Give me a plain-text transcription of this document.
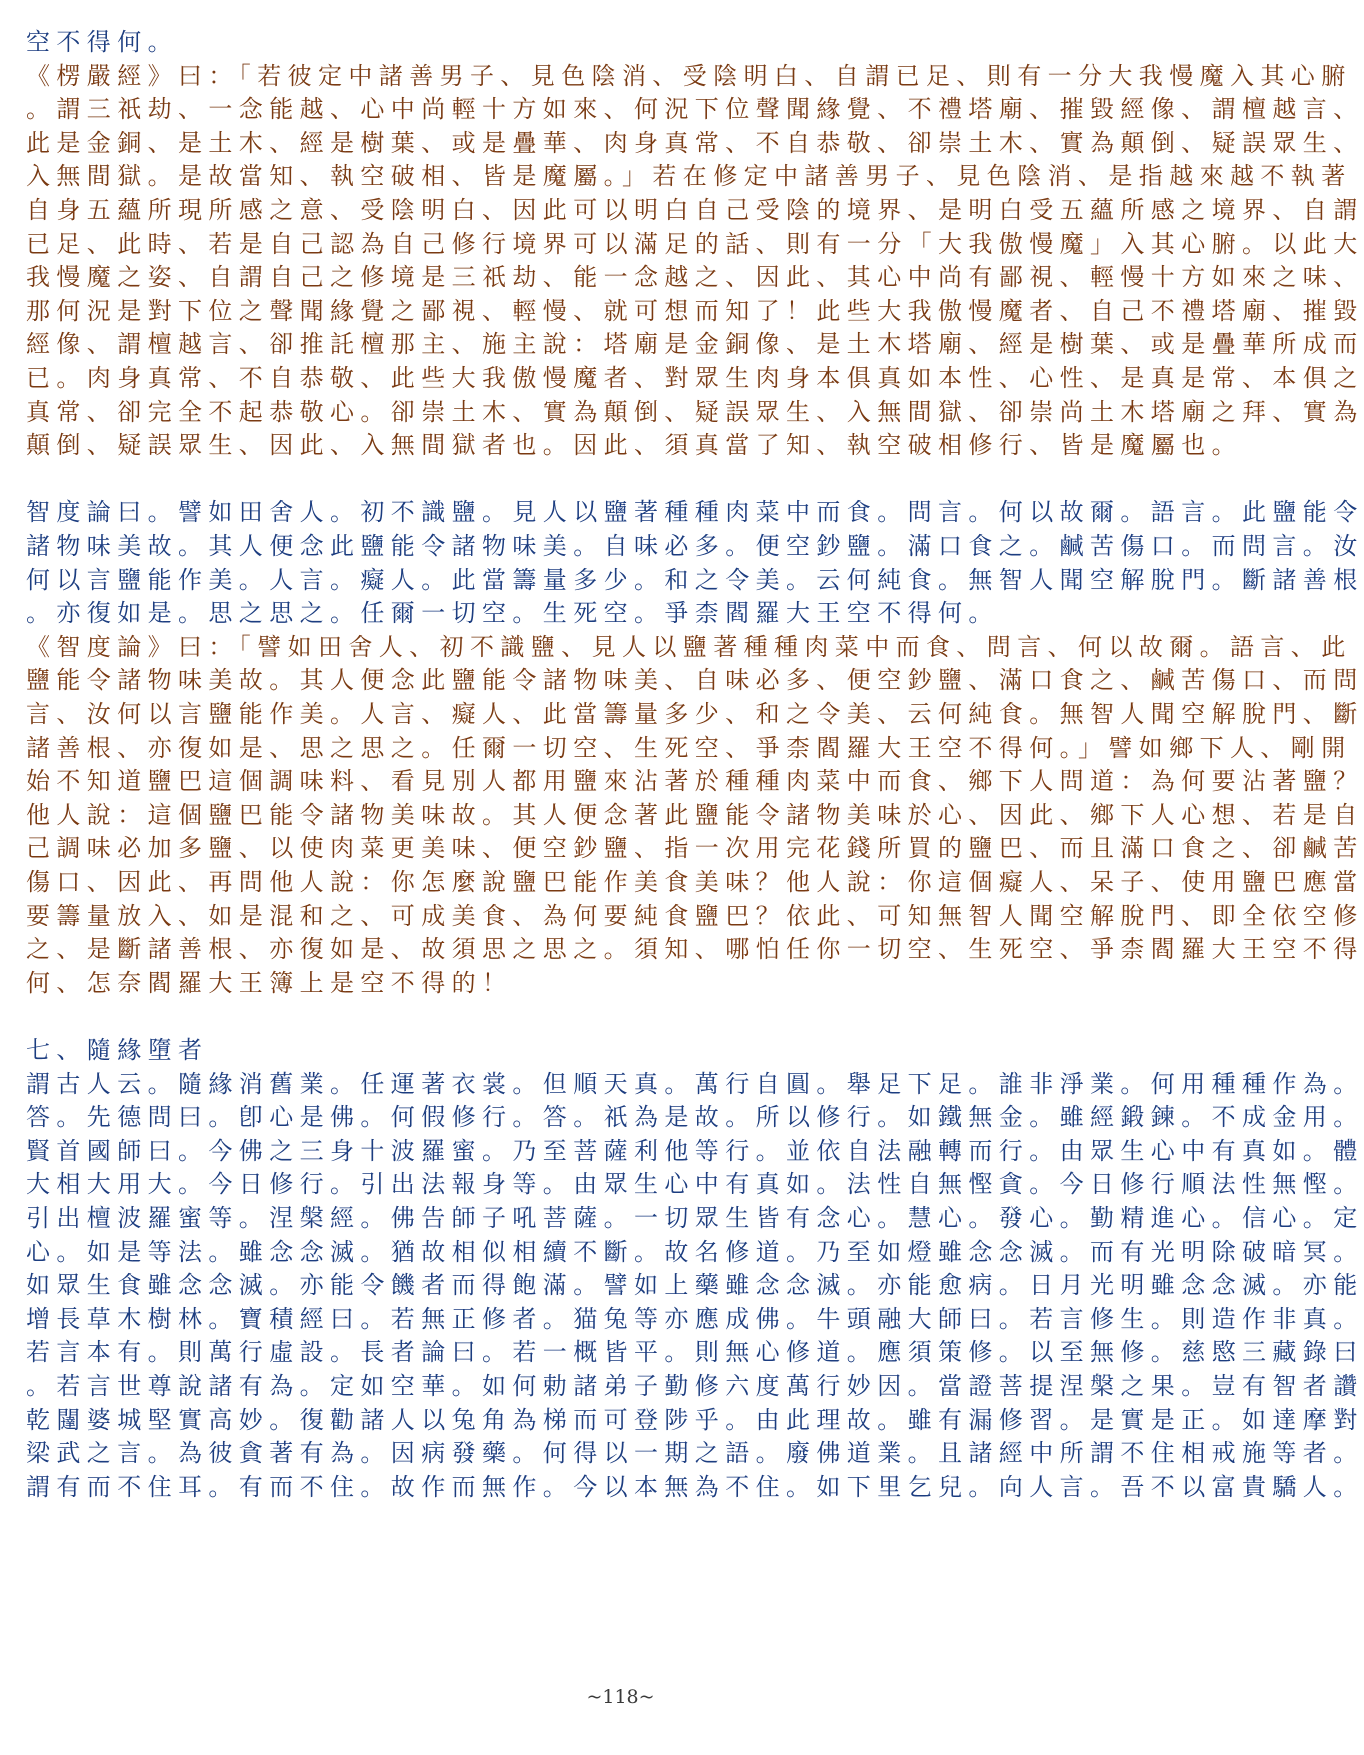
空不得何。
《楞嚴經》曰：「若彼定中諸善男子、見色陰消、受陰明白、自謂已足、則有一分大我慢魔入其心腑
。謂三祇劫、一念能越、心中尚輕十方如來、何況下位聲聞緣覺、不禮塔廟、摧毀經像、謂檀越言、
此是金銅、是土木、經是樹葉、或是疊華、肉身真常、不自恭敬、卻崇土木、實為顛倒、疑誤眾生、
入無間獄。是故當知、執空破相、皆是魔屬。」若在修定中諸善男子、見色陰消、是指越來越不執著
自身五蘊所現所感之意、受陰明白、因此可以明白自己受陰的境界、是明白受五蘊所感之境界、自謂
已足、此時、若是自己認為自己修行境界可以滿足的話、則有一分「大我傲慢魔」入其心腑。以此大
我慢魔之姿、自謂自己之修境是三祇劫、能一念越之、因此、其心中尚有鄙視、輕慢十方如來之味、
那何況是對下位之聲聞緣覺之鄙視、輕慢、就可想而知了！此些大我傲慢魔者、自己不禮塔廟、摧毀
經像、謂檀越言、卻推託檀那主、施主說：塔廟是金銅像、是土木塔廟、經是樹葉、或是疊華所成而
已。肉身真常、不自恭敬、此些大我傲慢魔者、對眾生肉身本俱真如本性、心性、是真是常、本俱之
真常、卻完全不起恭敬心。卻崇土木、實為顛倒、疑誤眾生、入無間獄、卻崇尚土木塔廟之拜、實為
顛倒、疑誤眾生、因此、入無間獄者也。因此、須真當了知、執空破相修行、皆是魔屬也。
智度論曰。譬如田舍人。初不識鹽。見人以鹽著種種肉菜中而食。問言。何以故爾。語言。此鹽能令
諸物味美故。其人便念此鹽能令諸物味美。自味必多。便空鈔鹽。滿口食之。鹹苦傷口。而問言。汝
何以言鹽能作美。人言。癡人。此當籌量多少。和之令美。云何純食。無智人聞空解脫門。斷諸善根
。亦復如是。思之思之。任爾一切空。生死空。爭柰閻羅大王空不得何。
《智度論》曰：「譬如田舍人、初不識鹽、見人以鹽著種種肉菜中而食、問言、何以故爾。語言、此
鹽能令諸物味美故。其人便念此鹽能令諸物味美、自味必多、便空鈔鹽、滿口食之、鹹苦傷口、而問
言、汝何以言鹽能作美。人言、癡人、此當籌量多少、和之令美、云何純食。無智人聞空解脫門、斷
諸善根、亦復如是、思之思之。任爾一切空、生死空、爭柰閻羅大王空不得何。」譬如鄉下人、剛開
始不知道鹽巴這個調味料、看見別人都用鹽來沾著於種種肉菜中而食、鄉下人問道：為何要沾著鹽？
他人說：這個鹽巴能令諸物美味故。其人便念著此鹽能令諸物美味於心、因此、鄉下人心想、若是自
己調味必加多鹽、以使肉菜更美味、便空鈔鹽、指一次用完花錢所買的鹽巴、而且滿口食之、卻鹹苦
傷口、因此、再問他人說：你怎麼說鹽巴能作美食美味？他人說：你這個癡人、呆子、使用鹽巴應當
要籌量放入、如是混和之、可成美食、為何要純食鹽巴？依此、可知無智人聞空解脫門、即全依空修
之、是斷諸善根、亦復如是、故須思之思之。須知、哪怕任你一切空、生死空、爭柰閻羅大王空不得
何、怎奈閻羅大王簿上是空不得的！
七、隨緣墮者
謂古人云。隨緣消舊業。任運著衣裳。但順天真。萬行自圓。舉足下足。誰非淨業。何用種種作為。
答。先德問曰。卽心是佛。何假修行。答。祇為是故。所以修行。如鐵無金。雖經鍛鍊。不成金用。
賢首國師曰。今佛之三身十波羅蜜。乃至菩薩利他等行。並依自法融轉而行。由眾生心中有真如。體
大相大用大。今日修行。引出法報身等。由眾生心中有真如。法性自無慳貪。今日修行順法性無慳。
引出檀波羅蜜等。涅槃經。佛告師子吼菩薩。一切眾生皆有念心。慧心。發心。勤精進心。信心。定
心。如是等法。雖念念滅。猶故相似相續不斷。故名修道。乃至如燈雖念念滅。而有光明除破暗冥。
如眾生食雖念念滅。亦能令饑者而得飽滿。譬如上藥雖念念滅。亦能愈病。日月光明雖念念滅。亦能
增長草木樹林。寶積經曰。若無正修者。猫兔等亦應成佛。牛頭融大師曰。若言修生。則造作非真。
若言本有。則萬行虛設。長者論曰。若一概皆平。則無心修道。應須策修。以至無修。慈愍三藏錄曰
。若言世尊說諸有為。定如空華。如何勅諸弟子勤修六度萬行妙因。當證菩提涅槃之果。豈有智者讚
乾闥婆城堅實高妙。復勸諸人以兔角為梯而可登陟乎。由此理故。雖有漏修習。是實是正。如達摩對
梁武之言。為彼貪著有為。因病發藥。何得以一期之語。廢佛道業。且諸經中所謂不住相戒施等者。
謂有而不住耳。有而不住。故作而無作。今以本無為不住。如下里乞兒。向人言。吾不以富貴驕人。
~118~
